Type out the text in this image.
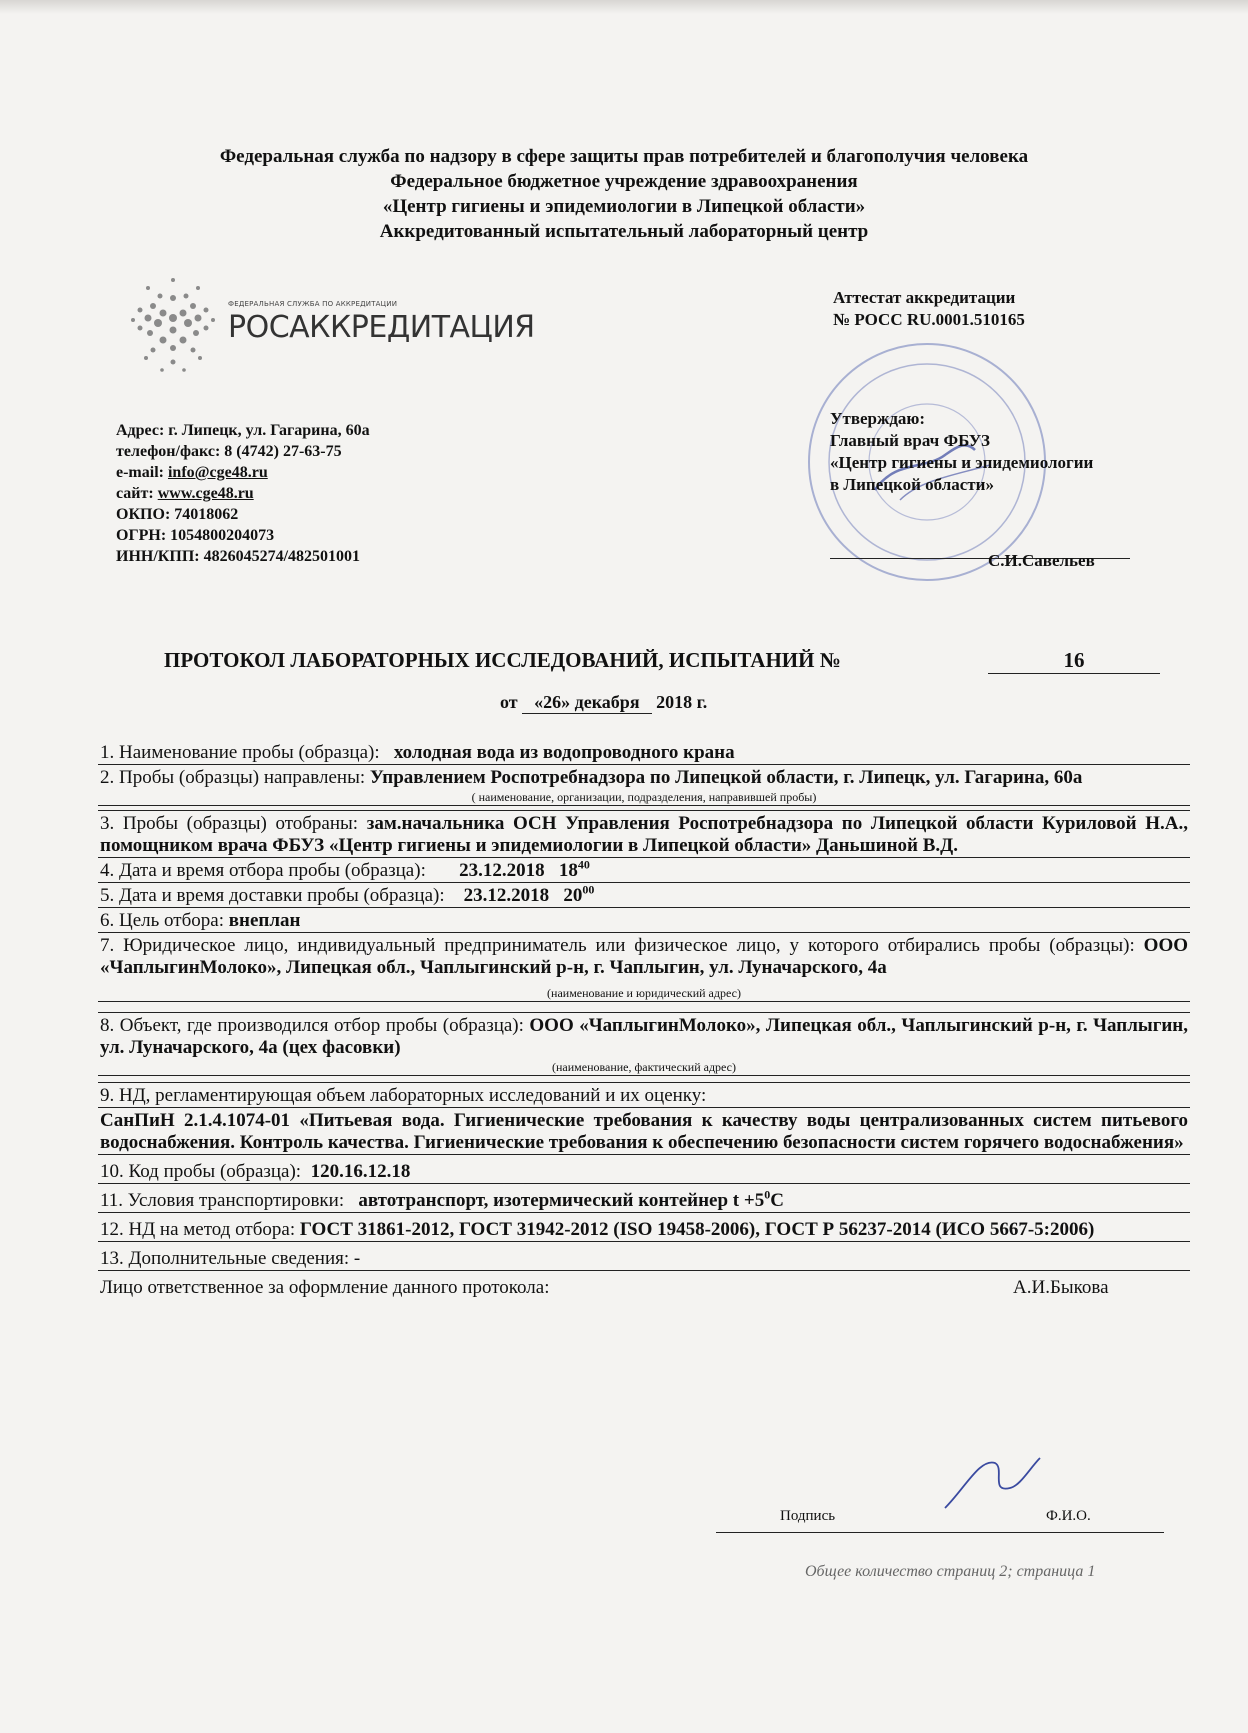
Федеральная служба по надзору в сфере защиты прав потребителей и благополучия человека
Федеральное бюджетное учреждение здравоохранения
«Центр гигиены и эпидемиологии в Липецкой области»
Аккредитованный испытательный лабораторный центр
ФЕДЕРАЛЬНАЯ СЛУЖБА ПО АККРЕДИТАЦИИ
РОСАККРЕДИТАЦИЯ
Аттестат аккредитации
№ РОСС RU.0001.510165
Адрес: г. Липецк, ул. Гагарина, 60а
телефон/факс: 8 (4742) 27-63-75
e-mail: info@cge48.ru
сайт: www.cge48.ru
ОКПО: 74018062
ОГРН: 1054800204073
ИНН/КПП: 4826045274/482501001
Утверждаю:
Главный врач ФБУЗ
«Центр гигиены и эпидемиологии
в Липецкой области»
С.И.Савельев
ПРОТОКОЛ ЛАБОРАТОРНЫХ ИССЛЕДОВАНИЙ, ИСПЫТАНИЙ №	16
от «26» декабря 2018 г.
1. Наименование пробы (образца): холодная вода из водопроводного крана
2. Пробы (образцы) направлены: Управлением Роспотребнадзора по Липецкой области, г. Липецк, ул. Гагарина, 60а
( наименование, организации, подразделения, направившей пробы)
3. Пробы (образцы) отобраны: зам.начальника ОСН Управления Роспотребнадзора по Липецкой области Куриловой Н.А., помощником врача ФБУЗ «Центр гигиены и эпидемиологии в Липецкой области» Даньшиной В.Д.
4. Дата и время отбора пробы (образца): 23.12.2018 $18^{40}$
5. Дата и время доставки пробы (образца): 23.12.2018 $20^{00}$
6. Цель отбора: внеплан
7. Юридическое лицо, индивидуальный предприниматель или физическое лицо, у которого отбирались пробы (образцы): ООО «ЧаплыгинМолоко», Липецкая обл., Чаплыгинский р-н, г. Чаплыгин, ул. Луначарского, 4а
(наименование и юридический адрес)
8. Объект, где производился отбор пробы (образца): ООО «ЧаплыгинМолоко», Липецкая обл., Чаплыгинский р-н, г. Чаплыгин, ул. Луначарского, 4а (цех фасовки)
(наименование, фактический адрес)
9. НД, регламентирующая объем лабораторных исследований и их оценку:
СанПиН 2.1.4.1074-01 «Питьевая вода. Гигиенические требования к качеству воды централизованных систем питьевого водоснабжения. Контроль качества. Гигиенические требования к обеспечению безопасности систем горячего водоснабжения»
10. Код пробы (образца): 120.16.12.18
11. Условия транспортировки: автотранспорт, изотермический контейнер $t +5^0С$
12. НД на метод отбора: ГОСТ 31861-2012, ГОСТ 31942-2012 (ISO 19458-2006), ГОСТ Р 56237-2014 (ИСО 5667-5:2006)
13. Дополнительные сведения: -
Лицо ответственное за оформление данного протокола:	А.И.Быкова
Подпись	Ф.И.О.
Общее количество страниц 2; страница 1
